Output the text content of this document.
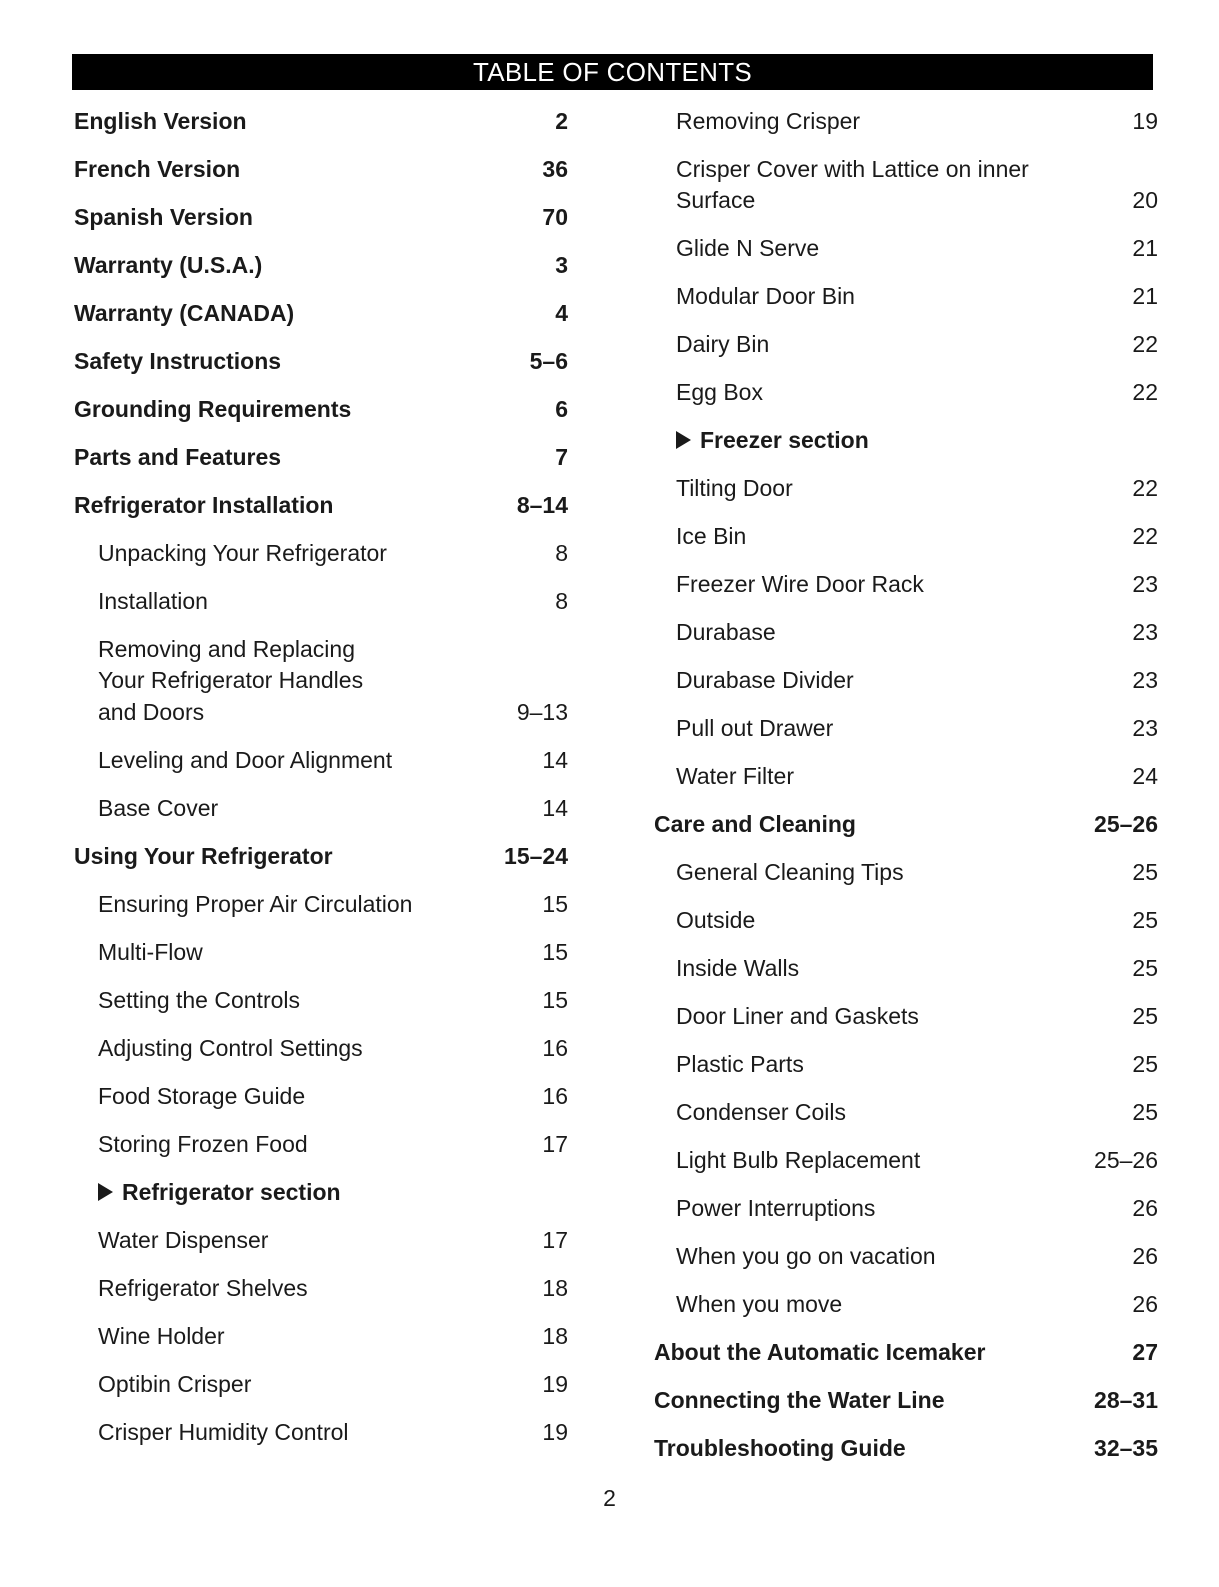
TABLE OF CONTENTS
English Version	2
French Version	36
Spanish Version	70
Warranty (U.S.A.)	3
Warranty (CANADA)	4
Safety Instructions	5–6
Grounding Requirements	6
Parts and Features	7
Refrigerator Installation	8–14
Unpacking Your Refrigerator	8
Installation	8
Removing and Replacing
Your Refrigerator Handles
and Doors	9–13
Leveling and Door Alignment	14
Base Cover	14
Using Your Refrigerator	15–24
Ensuring Proper Air Circulation	15
Multi-Flow	15
Setting the Controls	15
Adjusting Control Settings	16
Food Storage Guide	16
Storing Frozen Food	17
Refrigerator section
Water Dispenser	17
Refrigerator Shelves	18
Wine Holder	18
Optibin Crisper	19
Crisper Humidity Control	19
Removing Crisper	19
Crisper Cover with Lattice on inner
Surface	20
Glide N Serve	21
Modular Door Bin	21
Dairy Bin	22
Egg Box	22
Freezer section
Tilting Door	22
Ice Bin	22
Freezer Wire Door Rack	23
Durabase	23
Durabase Divider	23
Pull out Drawer	23
Water Filter	24
Care and Cleaning	25–26
General Cleaning Tips	25
Outside	25
Inside Walls	25
Door Liner and Gaskets	25
Plastic Parts	25
Condenser Coils	25
Light Bulb Replacement	25–26
Power Interruptions	26
When you go on vacation	26
When you move	26
About the Automatic Icemaker	27
Connecting the Water Line	28–31
Troubleshooting Guide	32–35
2
